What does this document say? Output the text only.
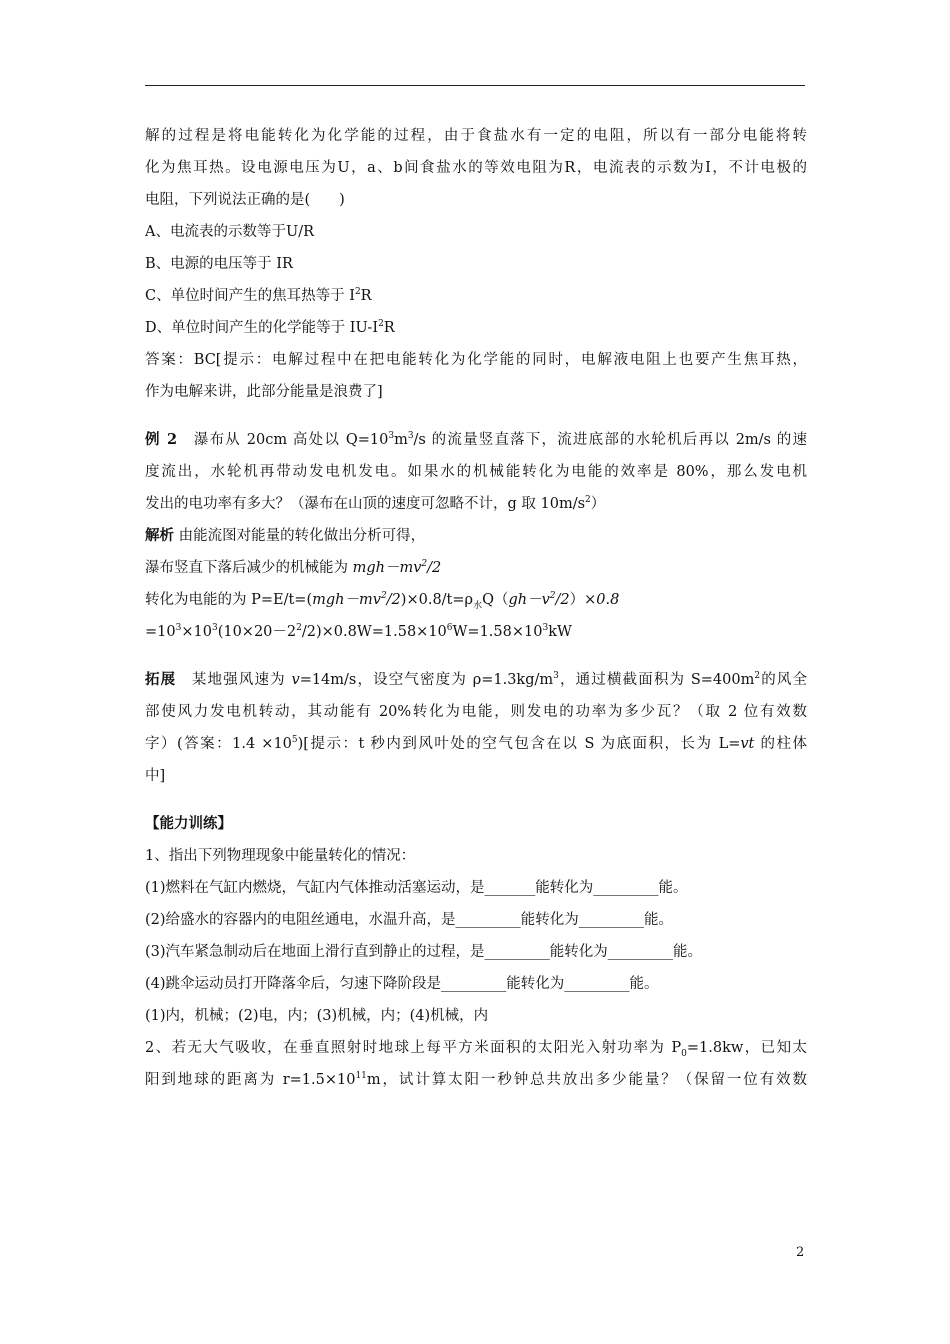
解的过程是将电能转化为化学能的过程，由于食盐水有一定的电阻，所以有一部分电能将转
化为焦耳热。设电源电压为U，a、b间食盐水的等效电阻为R，电流表的示数为I，不计电极的
电阻，下列说法正确的是(　　)
A、电流表的示数等于U/R
B、电源的电压等于 IR
C、单位时间产生的焦耳热等于 $I^2R$
D、单位时间产生的化学能等于 $IU-I^2R$
答案：BC[提示：电解过程中在把电能转化为化学能的同时，电解液电阻上也要产生焦耳热，
作为电解来讲，此部分能量是浪费了]
例 2　瀑布从 20cm 高处以 $Q=10^3m^3/s$ 的流量竖直落下，流进底部的水轮机后再以 2m/s 的速
度流出，水轮机再带动发电机发电。如果水的机械能转化为电能的效率是 80%，那么发电机
发出的电功率有多大？（瀑布在山顶的速度可忽略不计，g 取 $10m/s^2$）
解析 由能流图对能量的转化做出分析可得，
瀑布竖直下落后减少的机械能为 $mgh-mv^2/2$
转化为电能的为 $P=E/t=(mgh-mv^2/2)\times 0.8/t=\rho_水Q(gh-v^2/2)\times 0.8$
$=10^3\times 10^3(10\times 20-2^2/2)\times 0.8W=1.58\times 10^6W=1.58\times 10^3kW$
拓展　某地强风速为 v=14m/s，设空气密度为 $\rho=1.3kg/m^3$，通过横截面积为 $S=400m^2$的风全
部使风力发电机转动，其动能有 20%转化为电能，则发电的功率为多少瓦？（取 2 位有效数
字）(答案：$1.4 \times 10^5$)[提示：t 秒内到风叶处的空气包含在以 S 为底面积，长为 L=vt 的柱体
中]
【能力训练】
1、指出下列物理现象中能量转化的情况：
(1)燃料在气缸内燃烧，气缸内气体推动活塞运动，是_______能转化为_________能。
(2)给盛水的容器内的电阻丝通电，水温升高，是_________能转化为_________能。
(3)汽车紧急制动后在地面上滑行直到静止的过程，是_________能转化为_________能。
(4)跳伞运动员打开降落伞后，匀速下降阶段是_________能转化为_________能。
(1)内，机械；(2)电，内；(3)机械，内；(4)机械，内
2、若无大气吸收，在垂直照射时地球上每平方米面积的太阳光入射功率为 $P_0=1.8kw$，已知太
阳到地球的距离为 $r=1.5\times 10^{11}m$，试计算太阳一秒钟总共放出多少能量？（保留一位有效数
2
